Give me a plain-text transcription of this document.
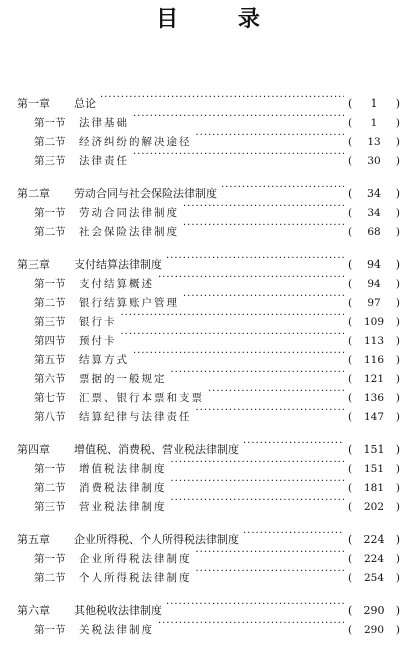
目 录
第一章	总论 ·····	(	1	)
第一节	法律基础 ·····	(	1	)
第二节	经济纠纷的解决途径 ·····	(	13	)
第三节	法律责任 ·····	(	30	)
第二章	劳动合同与社会保险法律制度 ·····	(	34	)
第一节	劳动合同法律制度 ·····	(	34	)
第二节	社会保险法律制度 ·····	(	68	)
第三章	支付结算法律制度 ·····	(	94	)
第一节	支付结算概述 ·····	(	94	)
第二节	银行结算账户管理 ·····	(	97	)
第三节	银行卡 ·····	(	109	)
第四节	预付卡 ·····	(	113	)
第五节	结算方式 ·····	(	116	)
第六节	票据的一般规定 ·····	(	121	)
第七节	汇票、银行本票和支票 ·····	(	136	)
第八节	结算纪律与法律责任 ·····	(	147	)
第四章	增值税、消费税、营业税法律制度 ·····	(	151	)
第一节	增值税法律制度 ·····	(	151	)
第二节	消费税法律制度 ·····	(	181	)
第三节	营业税法律制度 ·····	(	202	)
第五章	企业所得税、个人所得税法律制度 ·····	(	224	)
第一节	企业所得税法律制度 ·····	(	224	)
第二节	个人所得税法律制度 ·····	(	254	)
第六章	其他税收法律制度 ·····	(	290	)
第一节	关税法律制度 ·····	(	290	)
